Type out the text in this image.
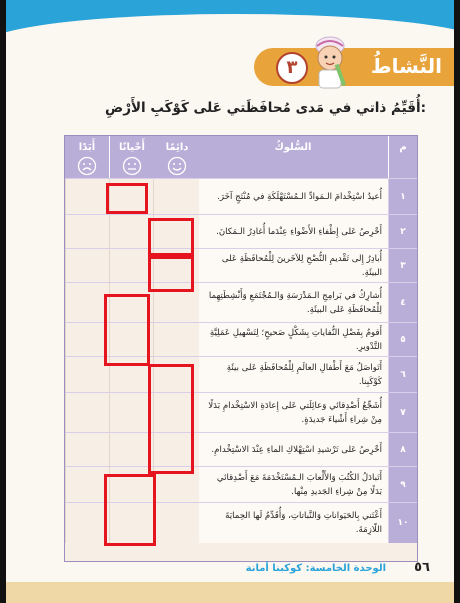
٣	النَّشاطُ
أُقَيِّمُ ذاتي في مَدى مُحافَظَتي عَلى كَوْكَبِ الأَرْضِ:
م
السُّلوكُ
دائِمًا
أَحْيانًا
أَبَدًا
١
أُعيدُ اسْتِخْدامَ الـمَوادِّ الـمُسْتَهْلَكَةِ في مُنْتَجٍ آخَرَ.
٢
أَحْرِصُ عَلى إِطْفاءِ الأَضْواءِ عِنْدَما أُغادِرُ الـمَكانَ.
٣
أُبادِرُ إِلى تَقْديمِ النُّصْحِ لِلآخَرينَ لِلْمُحافَظَةِ عَلى البيئَةِ.
٤
أُشارِكُ في بَرامِجِ الـمَدْرَسَةِ وَالـمُجْتَمَعِ وَأَنْشِطَتِهِما لِلْمُحافَظَةِ عَلى البيئَةِ.
٥
أَقومُ بِفَصْلِ النُّفاياتِ بِشَكْلٍ صَحيحٍ؛ لِتَسْهيلِ عَمَلِيَّةِ التَّدْويرِ.
٦
أَتَواصَلُ مَعَ أَطْفالِ العالَمِ لِلْمُحافَظَةِ عَلى بيئَةِ كَوْكَبِنا.
٧
أُشَجِّعُ أَصْدِقائي وَعائِلَتي عَلى إِعادَةِ الاسْتِخْدامِ بَدَلًا مِنْ شِراءِ أَشْياءَ جَديدَةٍ.
٨
أَحْرِصُ عَلى تَرْشيدِ اسْتِهْلاكِ الماءِ عِنْدَ الاسْتِخْدامِ.
٩
أَتَبادَلُ الكُتُبَ وَالأَلْعابَ الـمُسْتَخْدَمَةَ مَعَ أَصْدِقائي بَدَلًا مِنْ شِراءِ الجَديدِ مِنْها.
١٠
أَعْتَني بِالحَيَواناتِ وَالنَّباتاتِ، وَأُقَدِّمُ لَها الحِمايَةَ اللّازِمَةَ.
الوحدة الخامسة: كوكبنا أمانة ٥٦
